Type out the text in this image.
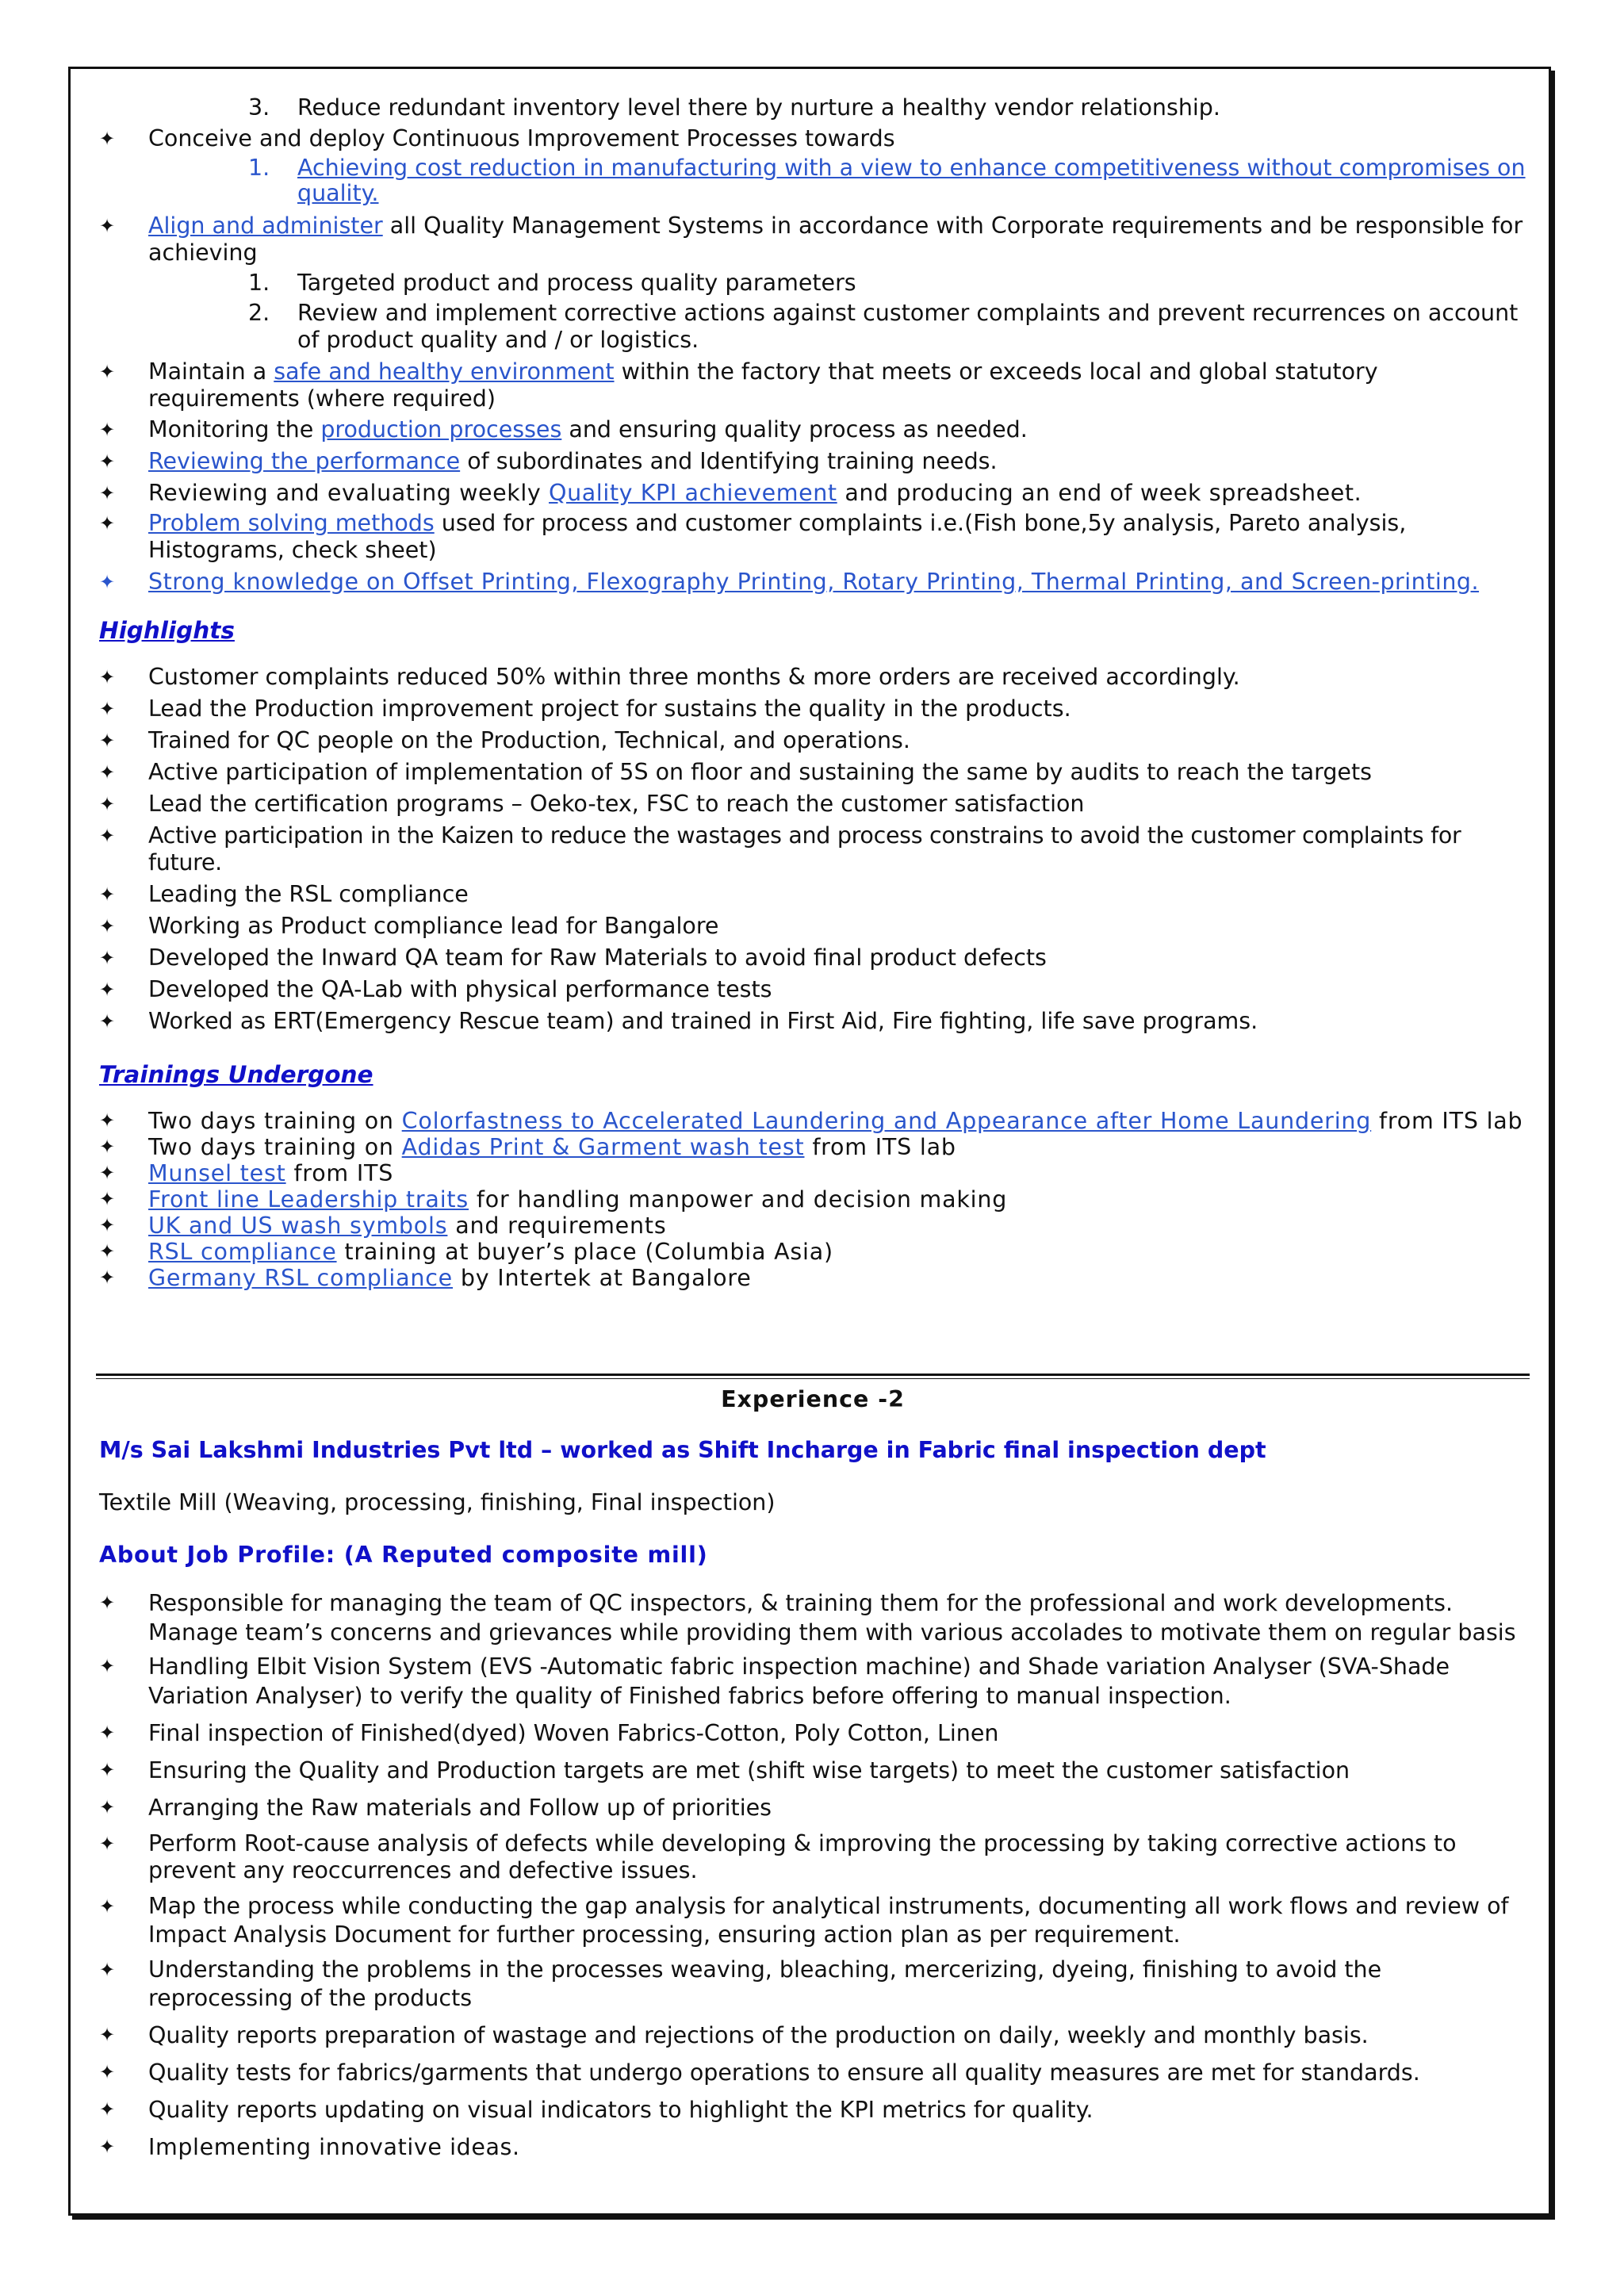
3.	Reduce redundant inventory level there by nurture a healthy vendor relationship.
✦	Conceive and deploy Continuous Improvement Processes towards
1.	Achieving cost reduction in manufacturing with a view to enhance competitiveness without compromises on quality.
✦	Align and administer all Quality Management Systems in accordance with Corporate requirements and be responsible for achieving
1.	Targeted product and process quality parameters
2.	Review and implement corrective actions against customer complaints and prevent recurrences on account of product quality and / or logistics.
✦	Maintain a safe and healthy environment within the factory that meets or exceeds local and global statutory requirements (where required)
✦	Monitoring the production processes and ensuring quality process as needed.
✦	Reviewing the performance of subordinates and Identifying training needs.
✦	Reviewing and evaluating weekly Quality KPI achievement and producing an end of week spreadsheet.
✦	Problem solving methods used for process and customer complaints i.e.(Fish bone,5y analysis, Pareto analysis, Histograms, check sheet)
✦	Strong knowledge on Offset Printing, Flexography Printing, Rotary Printing, Thermal Printing, and Screen-printing.
Highlights
✦	Customer complaints reduced 50% within three months & more orders are received accordingly.
✦	Lead the Production improvement project for sustains the quality in the products.
✦	Trained for QC people on the Production, Technical, and operations.
✦	Active participation of implementation of 5S on floor and sustaining the same by audits to reach the targets
✦	Lead the certification programs – Oeko-tex, FSC to reach the customer satisfaction
✦	Active participation in the Kaizen to reduce the wastages and process constrains to avoid the customer complaints for future.
✦	Leading the RSL compliance
✦	Working as Product compliance lead for Bangalore
✦	Developed the Inward QA team for Raw Materials to avoid final product defects
✦	Developed the QA-Lab with physical performance tests
✦	Worked as ERT(Emergency Rescue team) and trained in First Aid, Fire fighting, life save programs.
Trainings Undergone
✦	Two days training on Colorfastness to Accelerated Laundering and Appearance after Home Laundering from ITS lab
✦	Two days training on Adidas Print & Garment wash test from ITS lab
✦	Munsel test from ITS
✦	Front line Leadership traits for handling manpower and decision making
✦	UK and US wash symbols and requirements
✦	RSL compliance training at buyer’s place (Columbia Asia)
✦	Germany RSL compliance by Intertek at Bangalore
Experience -2
M/s Sai Lakshmi Industries Pvt ltd – worked as Shift Incharge in Fabric final inspection dept
Textile Mill (Weaving, processing, finishing, Final inspection)
About Job Profile: (A Reputed composite mill)
✦	Responsible for managing the team of QC inspectors, & training them for the professional and work developments. Manage team’s concerns and grievances while providing them with various accolades to motivate them on regular basis
✦	Handling Elbit Vision System (EVS -Automatic fabric inspection machine) and Shade variation Analyser (SVA-Shade Variation Analyser) to verify the quality of Finished fabrics before offering to manual inspection.
✦	Final inspection of Finished(dyed) Woven Fabrics-Cotton, Poly Cotton, Linen
✦	Ensuring the Quality and Production targets are met (shift wise targets) to meet the customer satisfaction
✦	Arranging the Raw materials and Follow up of priorities
✦	Perform Root-cause analysis of defects while developing & improving the processing by taking corrective actions to prevent any reoccurrences and defective issues.
✦	Map the process while conducting the gap analysis for analytical instruments, documenting all work flows and review of Impact Analysis Document for further processing, ensuring action plan as per requirement.
✦	Understanding the problems in the processes weaving, bleaching, mercerizing, dyeing, finishing to avoid the reprocessing of the products
✦	Quality reports preparation of wastage and rejections of the production on daily, weekly and monthly basis.
✦	Quality tests for fabrics/garments that undergo operations to ensure all quality measures are met for standards.
✦	Quality reports updating on visual indicators to highlight the KPI metrics for quality.
✦	Implementing innovative ideas.
